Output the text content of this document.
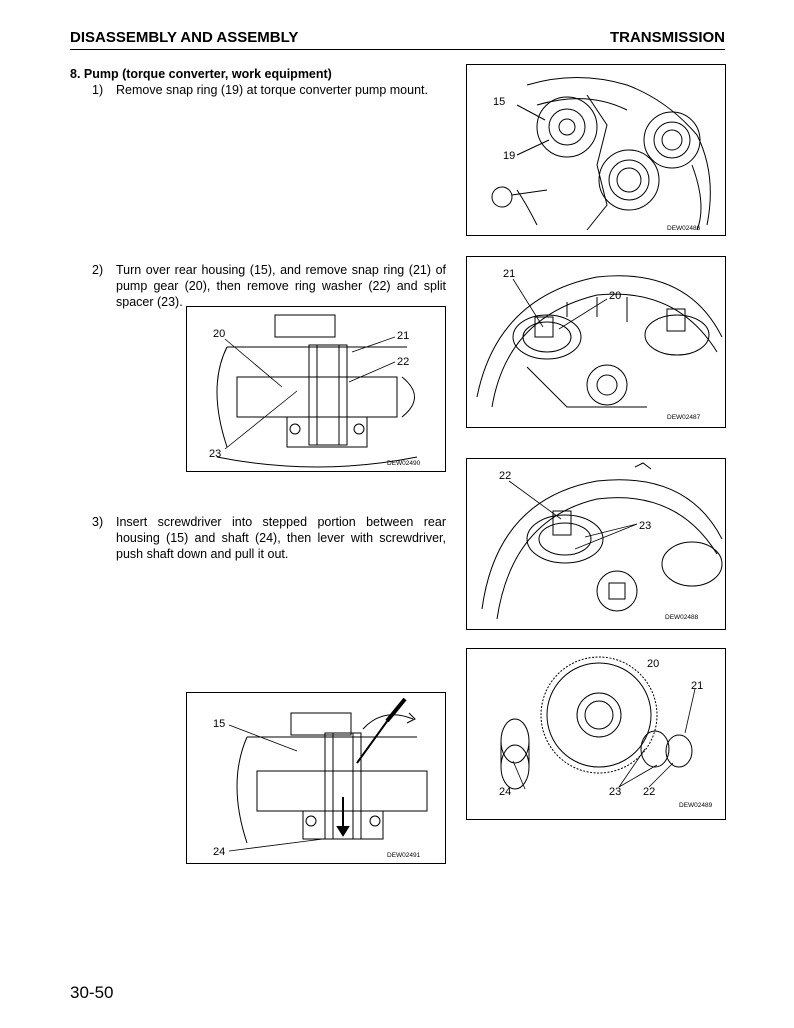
DISASSEMBLY AND ASSEMBLY	TRANSMISSION
8. Pump (torque converter, work equipment)
1) Remove snap ring (19) at torque converter pump mount.
2) Turn over rear housing (15), and remove snap ring (21) of pump gear (20), then remove ring washer (22) and split spacer (23).
3) Insert screwdriver into stepped portion between rear housing (15) and shaft (24), then lever with screwdriver, push shaft down and pull it out.
15
19
DEW02486
21
20
DEW02487
20	21
22
23
DEW02490
22
23
DEW02488
20
21
24	23 22
DEW02489
15
24	DEW02491
30-50
